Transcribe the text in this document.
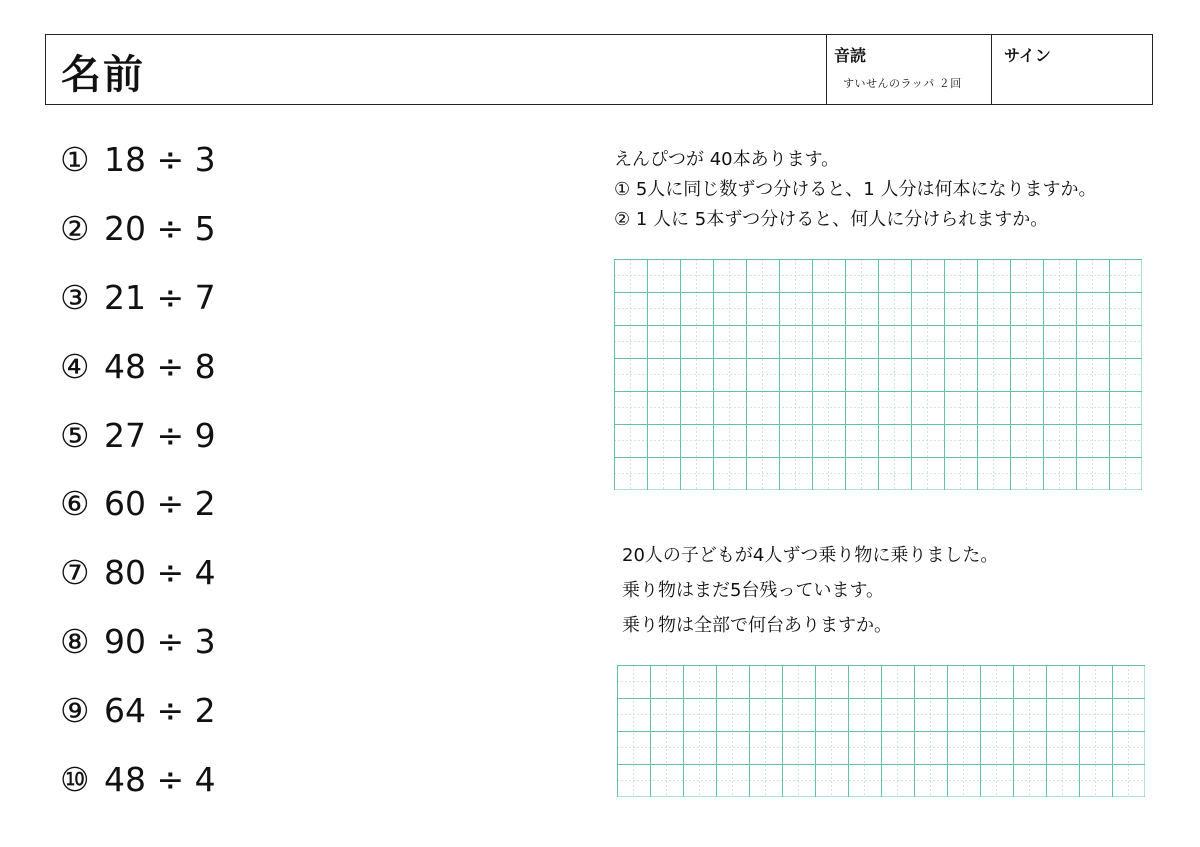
名前	音読
すいせんのラッパ ２回
サイン
① 18 ÷ 3
② 20 ÷ 5
③ 21 ÷ 7
④ 48 ÷ 8
⑤ 27 ÷ 9
⑥ 60 ÷ 2
⑦ 80 ÷ 4
⑧ 90 ÷ 3
⑨ 64 ÷ 2
⑩ 48 ÷ 4
えんぴつが 40本あります。
① 5人に同じ数ずつ分けると、1 人分は何本になりますか。
② 1 人に 5本ずつ分けると、何人に分けられますか。
20人の子どもが4人ずつ乗り物に乗りました。
乗り物はまだ5台残っています。
乗り物は全部で何台ありますか。
